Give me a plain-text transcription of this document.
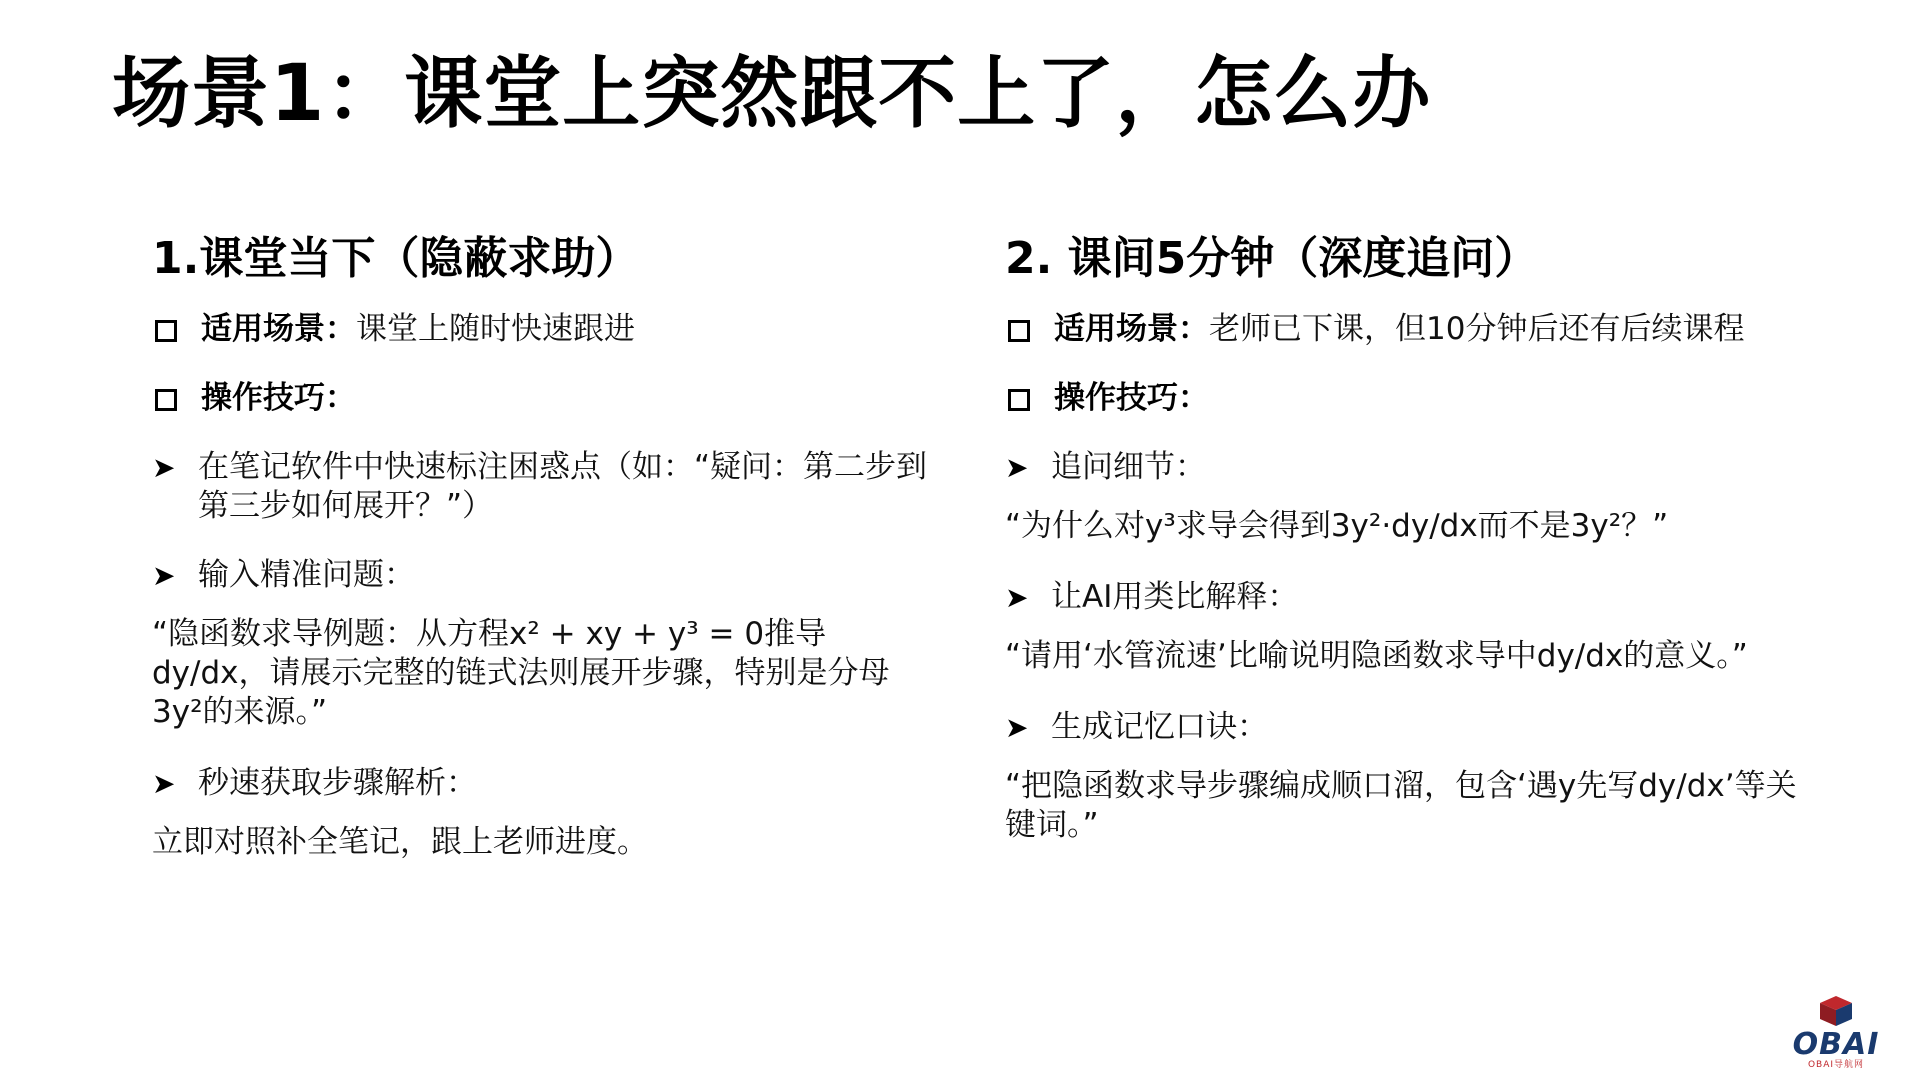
场景1：课堂上突然跟不上了，怎么办
1.课堂当下（隐蔽求助）
适用场景：课堂上随时快速跟进
操作技巧：
➤ 在笔记软件中快速标注困惑点（如：“疑问：第二步到第三步如何展开？”）
➤ 输入精准问题：
“隐函数求导例题：从方程x² + xy + y³ = 0推导dy/dx，请展示完整的链式法则展开步骤，特别是分母3y²的来源。”
➤ 秒速获取步骤解析：
立即对照补全笔记，跟上老师进度。
2. 课间5分钟（深度追问）
适用场景：老师已下课，但10分钟后还有后续课程
操作技巧：
➤ 追问细节：
“为什么对y³求导会得到3y²·dy/dx而不是3y²？”
➤ 让AI用类比解释：
“请用‘水管流速’比喻说明隐函数求导中dy/dx的意义。”
➤ 生成记忆口诀：
“把隐函数求导步骤编成顺口溜，包含‘遇y先写dy/dx’等关键词。”
OBAI
OBAI导航网
